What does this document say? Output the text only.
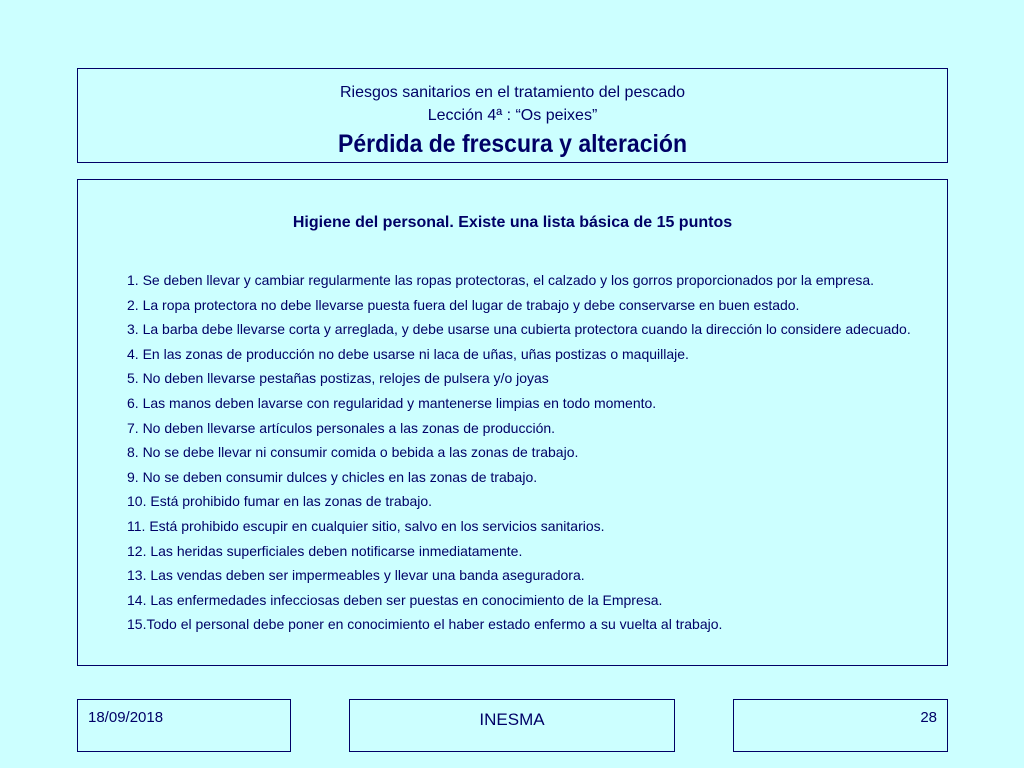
Riesgos sanitarios en el tratamiento del pescado
Lección 4ª : “Os peixes”
Pérdida de frescura y alteración
Higiene del personal. Existe una lista básica de 15 puntos
1. Se deben llevar y cambiar regularmente las ropas protectoras, el calzado y los gorros proporcionados por la empresa.
2. La ropa protectora no debe llevarse puesta fuera del lugar de trabajo y debe conservarse en buen estado.
3. La barba debe llevarse corta y arreglada, y debe usarse una cubierta protectora cuando la dirección lo considere adecuado.
4. En las zonas de producción no debe usarse ni laca de uñas, uñas postizas o maquillaje.
5. No deben llevarse pestañas postizas, relojes de pulsera y/o joyas
6. Las manos deben lavarse con regularidad y mantenerse limpias en todo momento.
7. No deben llevarse artículos personales a las zonas de producción.
8. No se debe llevar ni consumir comida o bebida a las zonas de trabajo.
9. No se deben consumir dulces y chicles en las zonas de trabajo.
10. Está prohibido fumar en las zonas de trabajo.
11. Está prohibido escupir en cualquier sitio, salvo en los servicios sanitarios.
12. Las heridas superficiales deben notificarse inmediatamente.
13. Las vendas deben ser impermeables y llevar una banda aseguradora.
14. Las enfermedades infecciosas deben ser puestas en conocimiento de la Empresa.
15.Todo el personal debe poner en conocimiento el haber estado enfermo a su vuelta al trabajo.
18/09/2018	INESMA	28
